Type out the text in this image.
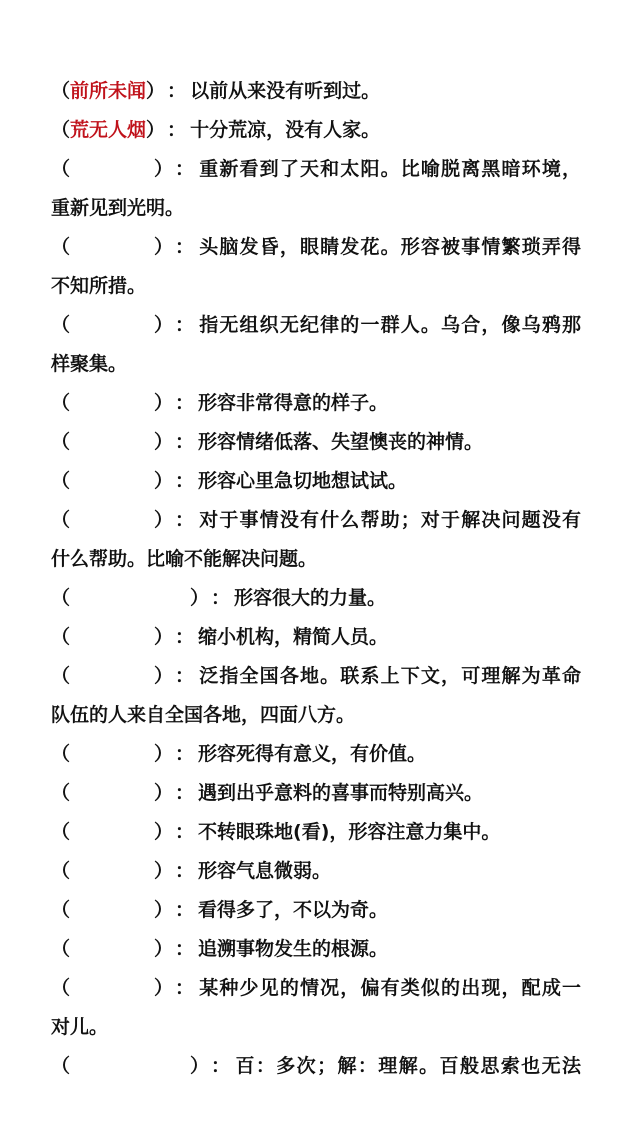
（前所未闻） ： 以前从来没有听到过。
（荒无人烟） ： 十分荒凉，没有人家。
（	） ： 重新看到了天和太阳。比喻脱离黑暗环境，
重新见到光明。
（	） ： 头脑发昏，眼睛发花。形容被事情繁琐弄得
不知所措。
（	） ： 指无组织无纪律的一群人。乌合，像乌鸦那
样聚集。
（	） ： 形容非常得意的样子。
（	） ： 形容情绪低落、失望懊丧的神情。
（	） ： 形容心里急切地想试试。
（	） ： 对于事情没有什么帮助；对于解决问题没有
什么帮助。比喻不能解决问题。
（	） ： 形容很大的力量。
（	） ： 缩小机构，精简人员。
（	） ： 泛指全国各地。联系上下文，可理解为革命
队伍的人来自全国各地，四面八方。
（	） ： 形容死得有意义，有价值。
（	） ： 遇到出乎意料的喜事而特别高兴。
（	） ： 不转眼珠地(看)，形容注意力集中。
（	） ： 形容气息微弱。
（	） ： 看得多了，不以为奇。
（	） ： 追溯事物发生的根源。
（	） ： 某种少见的情况，偏有类似的出现，配成一
对儿。
（	） ： 百：多次；解：理解。百般思索也无法
